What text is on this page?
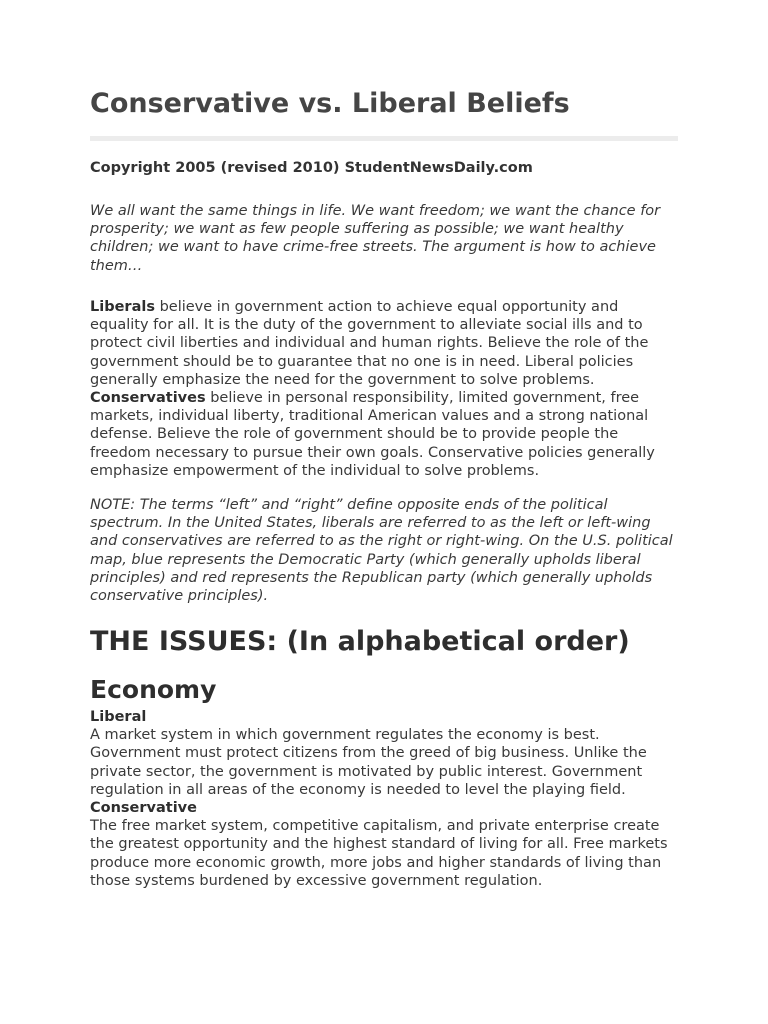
Conservative vs. Liberal Beliefs

Copyright 2005 (revised 2010) StudentNewsDaily.com

We all want the same things in life. We want freedom; we want the chance for prosperity; we want as few people suffering as possible; we want healthy children; we want to have crime-free streets. The argument is how to achieve them…

Liberals believe in government action to achieve equal opportunity and equality for all. It is the duty of the government to alleviate social ills and to protect civil liberties and individual and human rights. Believe the role of the government should be to guarantee that no one is in need. Liberal policies generally emphasize the need for the government to solve problems.
Conservatives believe in personal responsibility, limited government, free markets, individual liberty, traditional American values and a strong national defense. Believe the role of government should be to provide people the freedom necessary to pursue their own goals. Conservative policies generally emphasize empowerment of the individual to solve problems.

NOTE: The terms “left” and “right” define opposite ends of the political spectrum. In the United States, liberals are referred to as the left or left-wing and conservatives are referred to as the right or right-wing. On the U.S. political map, blue represents the Democratic Party (which generally upholds liberal principles) and red represents the Republican party (which generally upholds conservative principles).

THE ISSUES: (In alphabetical order)
Economy
Liberal
A market system in which government regulates the economy is best. Government must protect citizens from the greed of big business. Unlike the private sector, the government is motivated by public interest. Government regulation in all areas of the economy is needed to level the playing field.
Conservative
The free market system, competitive capitalism, and private enterprise create the greatest opportunity and the highest standard of living for all. Free markets produce more economic growth, more jobs and higher standards of living than those systems burdened by excessive government regulation.
